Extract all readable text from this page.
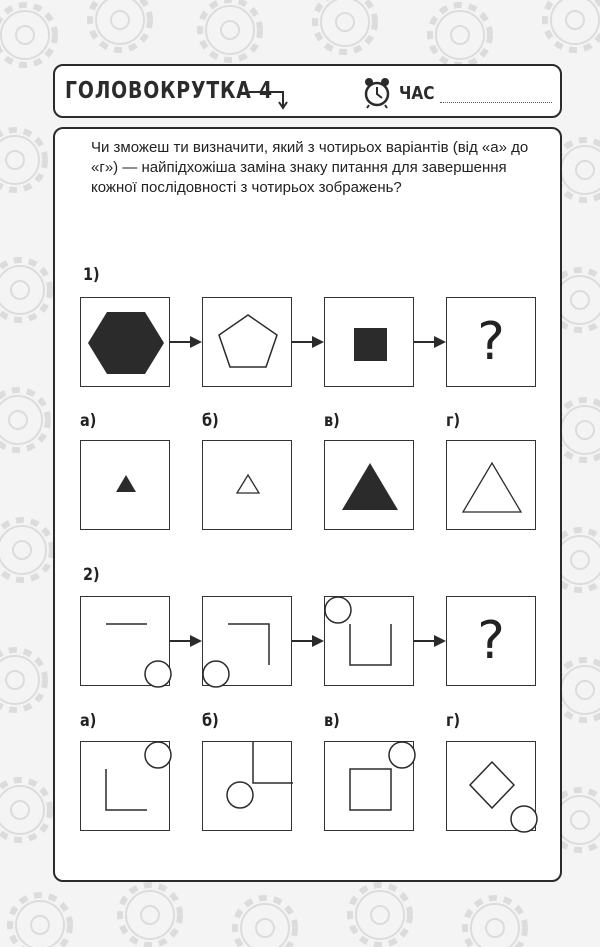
ГОЛОВОКРУТКА 4	ЧАС
Чи зможеш ти визначити, який з чотирьох варіантів (від «а» до «г») — найпідхожіша заміна знаку питання для завершення кожної послідовності з чотирьох зображень?
1)
?
а)	б)	в)	г)
2)
?
а)	б)	в)	г)
